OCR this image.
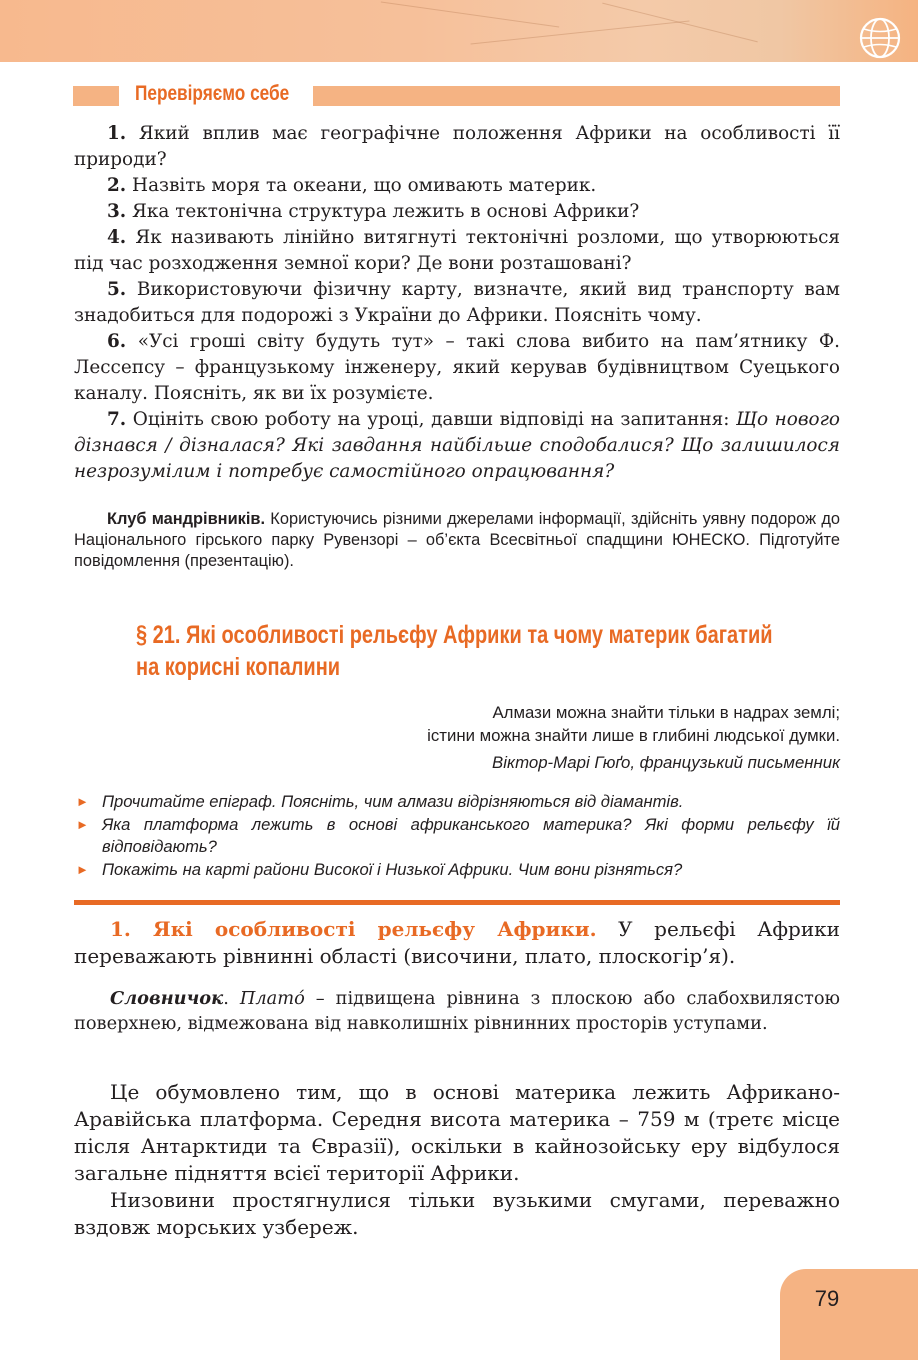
Перевіряємо себе

1. Який вплив має географічне положення Африки на особливості її природи?

2. Назвіть моря та океани, що омивають материк.

3. Яка тектонічна структура лежить в основі Африки?

4. Як називають лінійно витягнуті тектонічні розломи, що утворюються під час розходження земної кори? Де вони розташовані?

5. Використовуючи фізичну карту, визначте, який вид транспорту вам знадобиться для подорожі з України до Африки. Поясніть чому.

6. «Усі гроші світу будуть тут» – такі слова вибито на пам’ятнику Ф. Лессепсу – французькому інженеру, який керував будівництвом Суецького каналу. Поясніть, як ви їх розумієте.

7. Оцініть свою роботу на уроці, давши відповіді на запитання: Що нового дізнався / дізналася? Які завдання найбільше сподобалися? Що залишилося незрозумілим і потребує самостійного опрацювання?

Клуб мандрівників. Користуючись різними джерелами інформації, здійсніть уявну подорож до Національного гірського парку Рувензорі – об’єкта Всесвітньої спадщини ЮНЕСКО. Підготуйте повідомлення (презентацію).
§ 21. Які особливості рельєфу Африки та чому материк багатий
на корисні копалини
Алмази можна знайти тільки в надрах землі;
істини можна знайти лише в глибині людської думки.
Віктор-Марі Гюґо, французький письменник
► Прочитайте епіграф. Поясніть, чим алмази відрізняються від діамантів.
► Яка платформа лежить в основі африканського материка? Які форми рельєфу їй відповідають?
► Покажіть на карті райони Високої і Низької Африки. Чим вони різняться?

1. Які особливості рельєфу Африки. У рельєфі Африки переважають рівнинні області (височини, плато, плоскогір’я).

Словничок. Плато́ – підвищена рівнина з плоскою або слабохвилястою поверхнею, відмежована від навколишніх рівнинних просторів уступами.

Це обумовлено тим, що в основі материка лежить Африкано-Аравійська платформа. Середня висота материка – 759 м (третє місце після Антарктиди та Євразії), оскільки в кайнозойську еру відбулося загальне підняття всієї території Африки.

Низовини простягнулися тільки вузькими смугами, переважно вздовж морських узбереж.

79
